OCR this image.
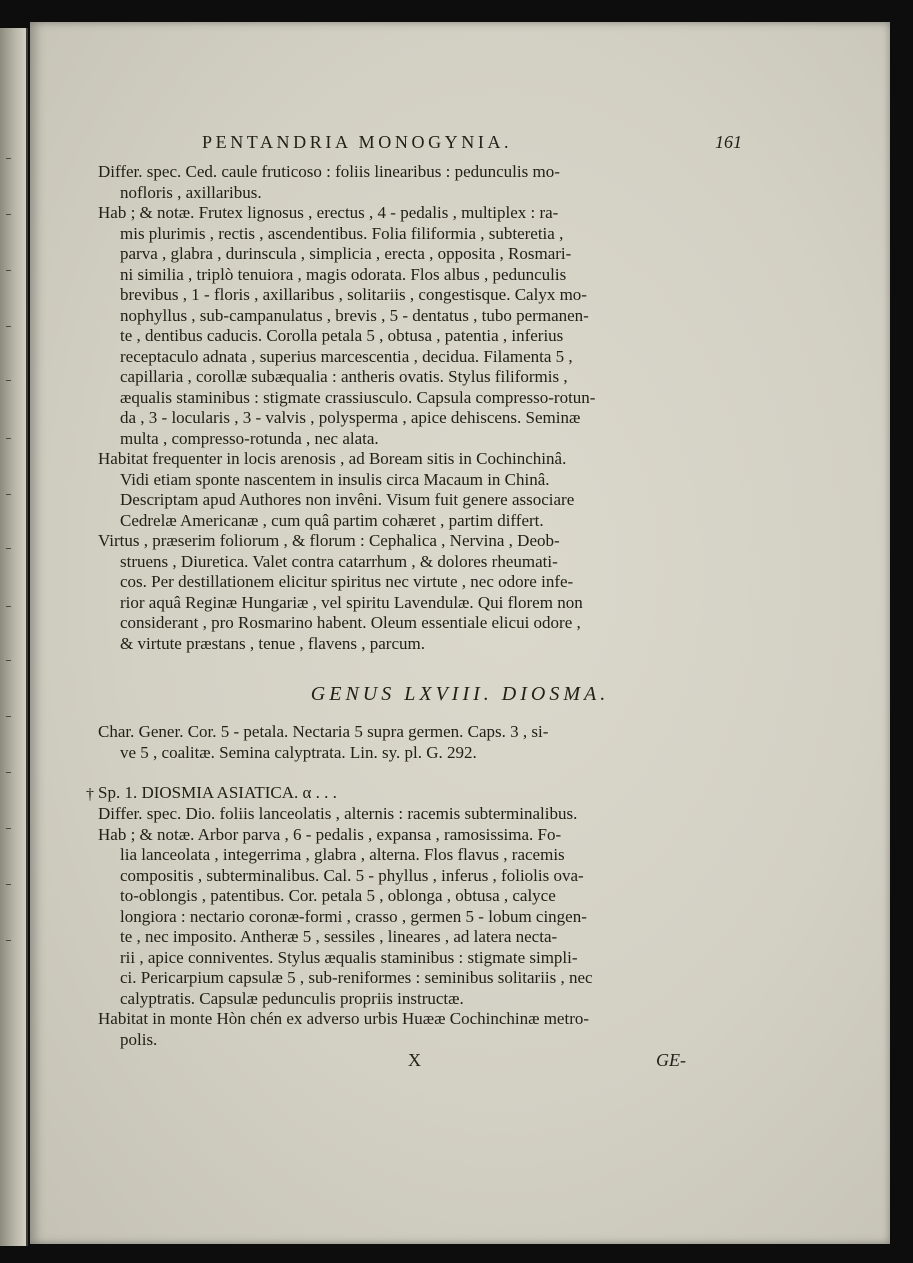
PENTANDRIA MONOGYNIA.	161
Differ. spec. Ced. caule fruticoso : foliis linearibus : pedunculis mo-
nofloris , axillaribus.
Hab ; & notæ. Frutex lignosus , erectus , 4 - pedalis , multiplex : ra-
mis plurimis , rectis , ascendentibus. Folia filiformia , subteretia ,
parva , glabra , durinscula , simplicia , erecta , opposita , Rosmari-
ni similia , triplò tenuiora , magis odorata. Flos albus , pedunculis
brevibus , 1 - floris , axillaribus , solitariis , congestisque. Calyx mo-
nophyllus , sub-campanulatus , brevis , 5 - dentatus , tubo permanen-
te , dentibus caducis. Corolla petala 5 , obtusa , patentia , inferius
receptaculo adnata , superius marcescentia , decidua. Filamenta 5 ,
capillaria , corollæ subæqualia : antheris ovatis. Stylus filiformis ,
æqualis staminibus : stigmate crassiusculo. Capsula compresso-rotun-
da , 3 - locularis , 3 - valvis , polysperma , apice dehiscens. Seminæ
multa , compresso-rotunda , nec alata.
Habitat frequenter in locis arenosis , ad Boream sitis in Cochinchinâ.
Vidi etiam sponte nascentem in insulis circa Macaum in Chinâ.
Descriptam apud Authores non invêni. Visum fuit genere associare
Cedrelæ Americanæ , cum quâ partim cohæret , partim differt.
Virtus , præserim foliorum , & florum : Cephalica , Nervina , Deob-
struens , Diuretica. Valet contra catarrhum , & dolores rheumati-
cos. Per destillationem elicitur spiritus nec virtute , nec odore infe-
rior aquâ Reginæ Hungariæ , vel spiritu Lavendulæ. Qui florem non
considerant , pro Rosmarino habent. Oleum essentiale elicui odore ,
& virtute præstans , tenue , flavens , parcum.
GENUS LXVIII. DIOSMA.
Char. Gener. Cor. 5 - petala. Nectaria 5 supra germen. Caps. 3 , si-
ve 5 , coalitæ. Semina calyptrata. Lin. sy. pl. G. 292.
† Sp. 1. DIOSMIA ASIATICA. α . . .
Differ. spec. Dio. foliis lanceolatis , alternis : racemis subterminalibus.
Hab ; & notæ. Arbor parva , 6 - pedalis , expansa , ramosissima. Fo-
lia lanceolata , integerrima , glabra , alterna. Flos flavus , racemis
compositis , subterminalibus. Cal. 5 - phyllus , inferus , foliolis ova-
to-oblongis , patentibus. Cor. petala 5 , oblonga , obtusa , calyce
longiora : nectario coronæ-formi , crasso , germen 5 - lobum cingen-
te , nec imposito. Antheræ 5 , sessiles , lineares , ad latera necta-
rii , apice conniventes. Stylus æqualis staminibus : stigmate simpli-
ci. Pericarpium capsulæ 5 , sub-reniformes : seminibus solitariis , nec
calyptratis. Capsulæ pedunculis propriis instructæ.
Habitat in monte Hòn chén ex adverso urbis Huææ Cochinchinæ metro-
polis.
X	GE-
